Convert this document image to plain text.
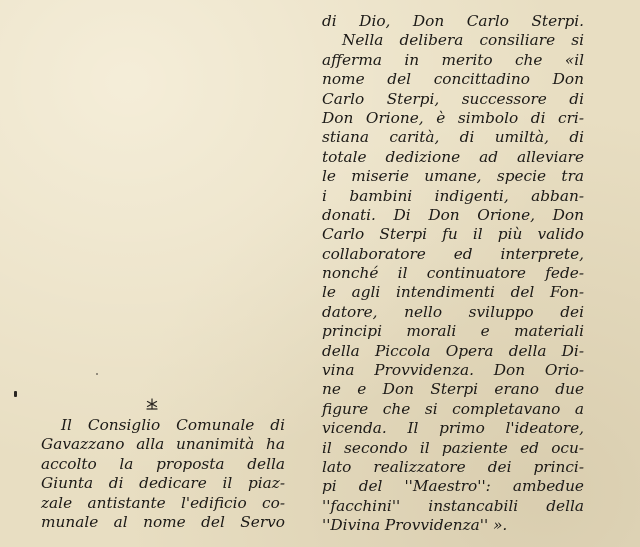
di Dio, Don Carlo Sterpi.
Nella delibera consiliare si
afferma in merito che «il
nome del concittadino Don
Carlo Sterpi, successore di
Don Orione, è simbolo di cri-
stiana carità, di umiltà, di
totale dedizione ad alleviare
le miserie umane, specie tra
i bambini indigenti, abban-
donati. Di Don Orione, Don
Carlo Sterpi fu il più valido
collaboratore ed interprete,
nonché il continuatore fede-
le agli intendimenti del Fon-
datore, nello sviluppo dei
principi morali e materiali
della Piccola Opera della Di-
vina Provvidenza. Don Orio-
ne e Don Sterpi erano due
figure che si completavano a
vicenda. Il primo l'ideatore,
il secondo il paziente ed ocu-
lato realizzatore dei princi-
pi del ''Maestro'': ambedue
''facchini'' instancabili della
''Divina Provvidenza'' ».
Il Consiglio Comunale di
Gavazzano alla unanimità ha
accolto la proposta della
Giunta di dedicare il piaz-
zale antistante l'edificio co-
munale al nome del Servo
